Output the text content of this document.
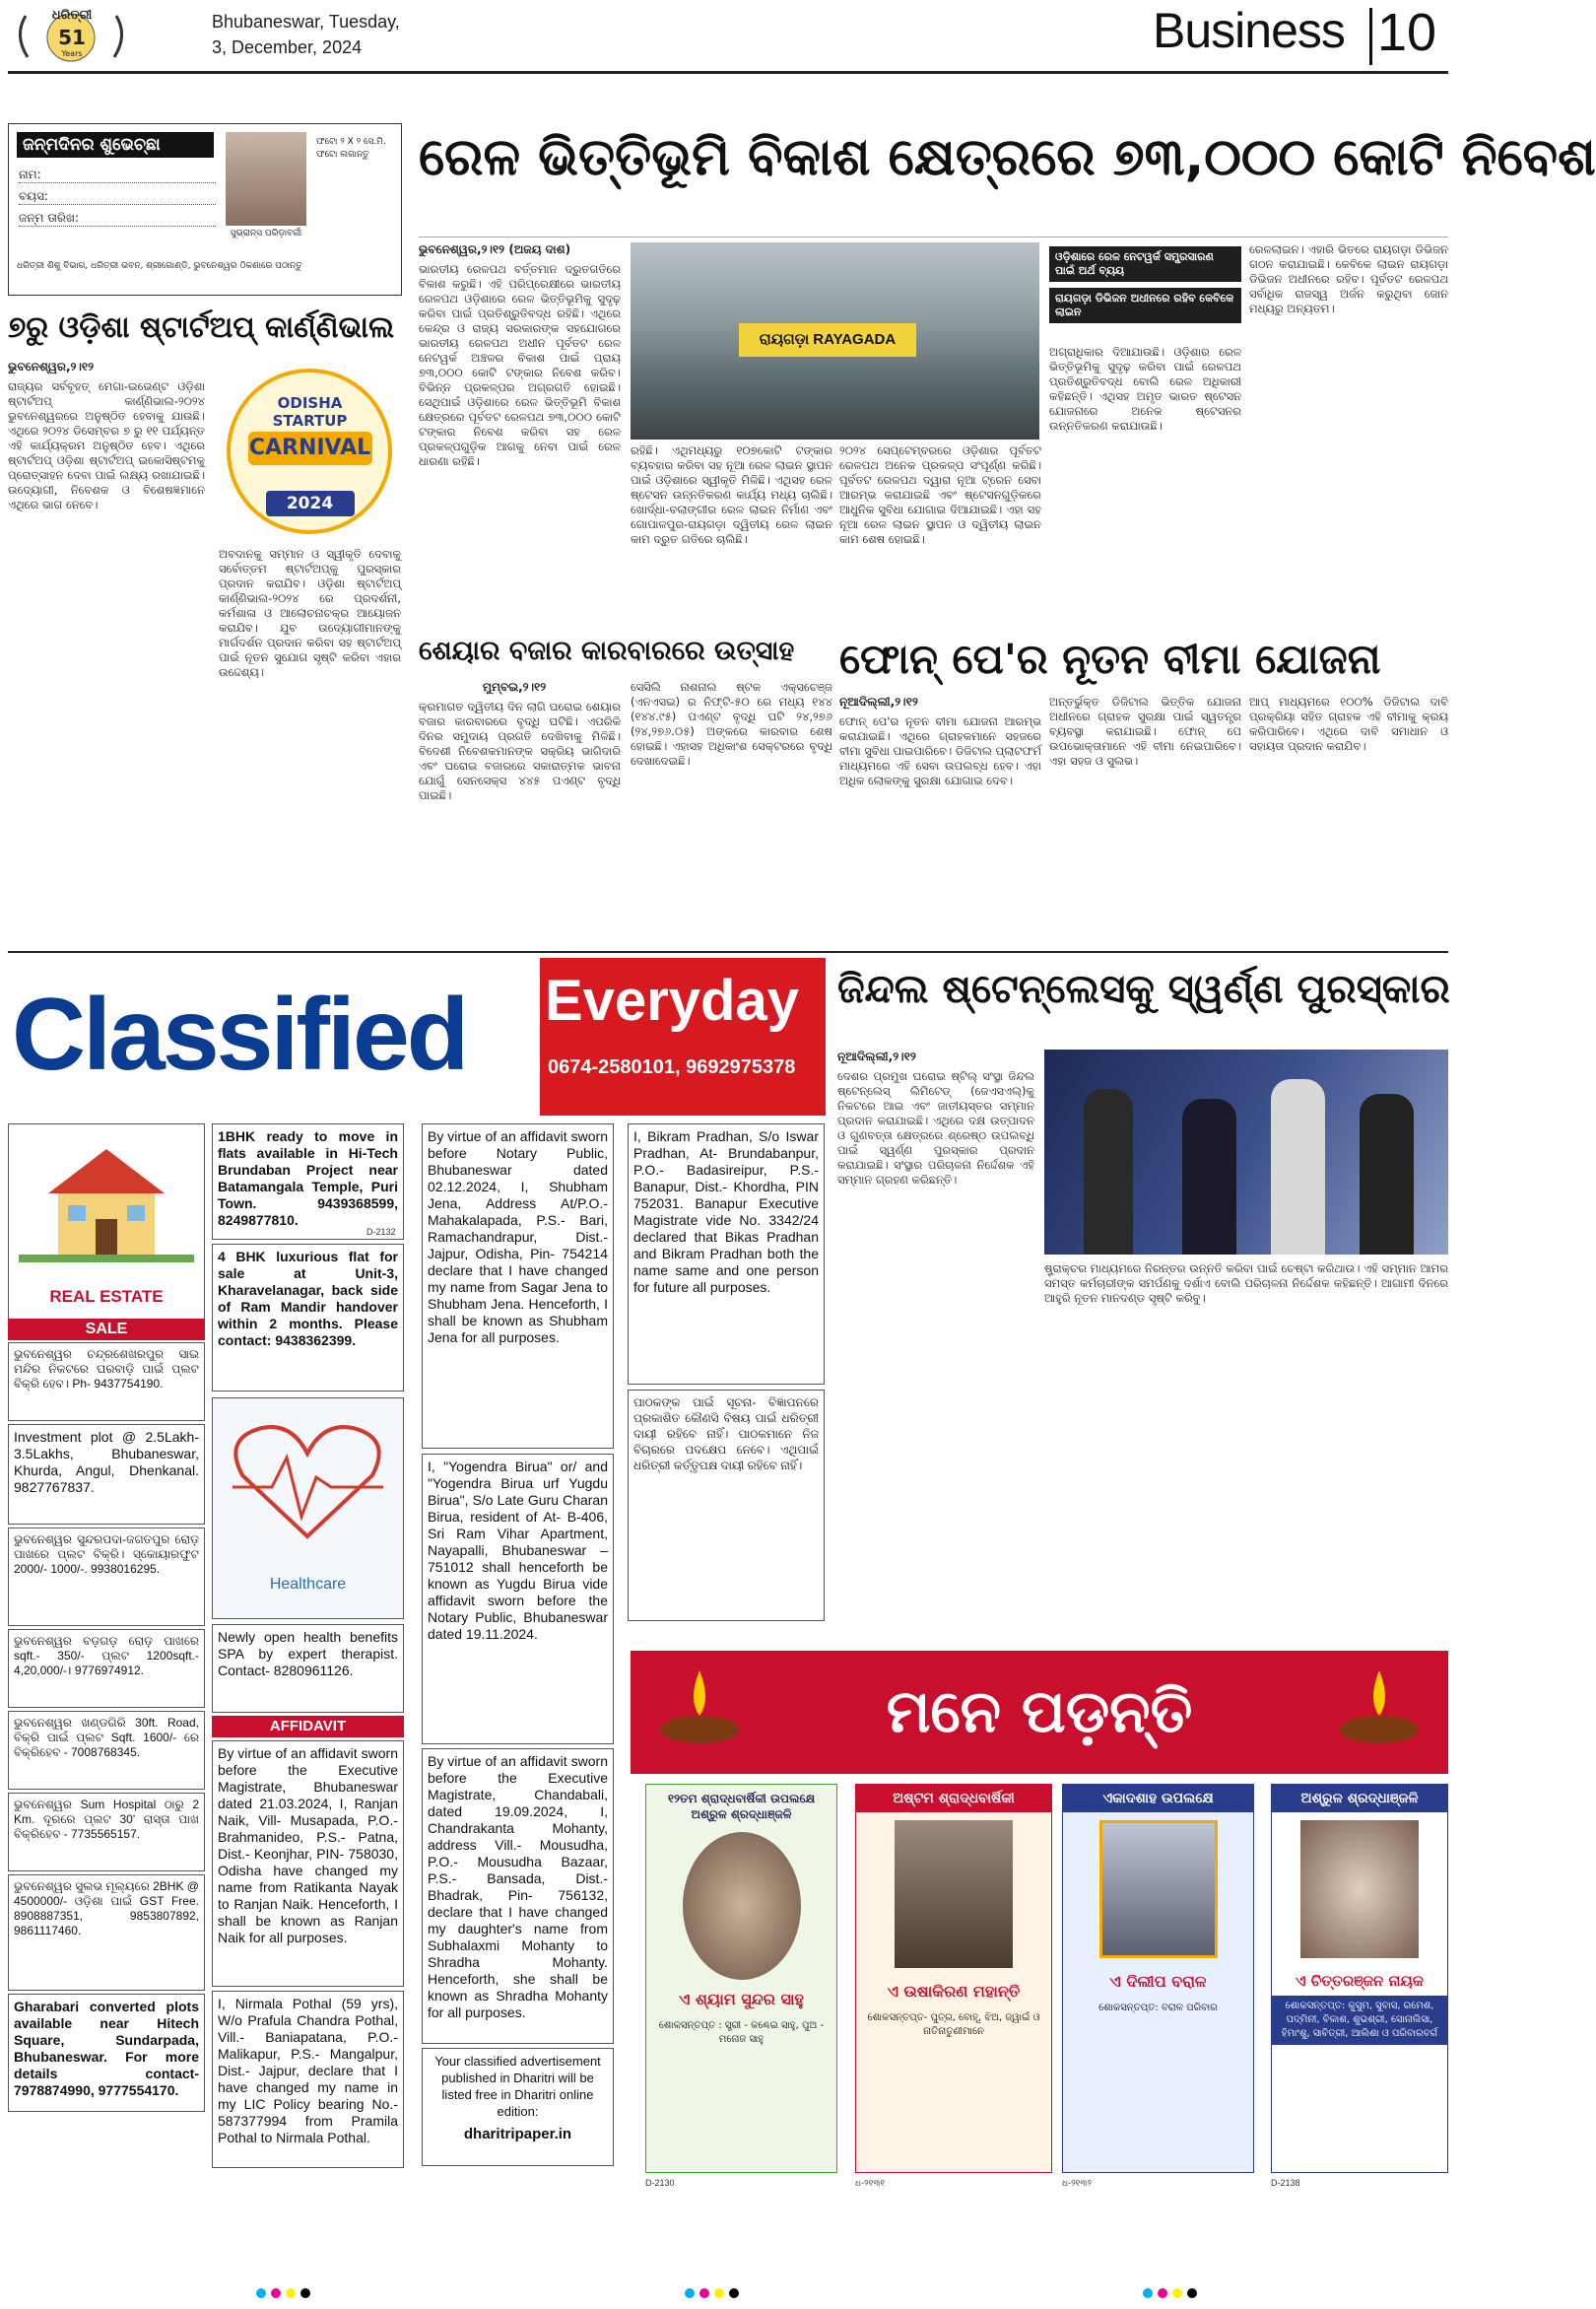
ଧରିତ୍ରୀ
51
Years
Bhubaneswar, Tuesday,
3, December, 2024	Business 10
ଜନ୍ମଦିନର ଶୁଭେଚ୍ଛା
ନାମ:
ବୟସ:
ଜନ୍ମ ତାରିଖ:
ସୁଭ୍ରାନ୍ସ ପରିଡ଼ାବର୍ଗୀ
ଫଟୋ ୨ X ୨ ସେ.ମି. ଫଟୋ ଲଗାନ୍ତୁ
ଧରିତ୍ରୀ ଶିଶୁ ବିଭାଗ, ଧରିତ୍ରୀ ଭବନ, ଶ୍ରୀଗୋଣ୍ଡି, ଭୁବନେଶ୍ୱର ଠିକଣାରେ ପଠାନ୍ତୁ
ରେଳ ଭିତ୍ତିଭୂମି ବିକାଶ କ୍ଷେତ୍ରରେ ୭୩,୦୦୦ କୋଟି ନିବେଶ
ଭୁବନେଶ୍ୱର,୨।୧୨ (ଅଜୟ ଦାଶ)
ଭାରତୀୟ ରେଳପଥ ବର୍ତ୍ତମାନ ଦ୍ରୁତଗତିରେ ବିକାଶ କରୁଛି। ଏହି ପରିପ୍ରେକ୍ଷୀରେ ଭାରତୀୟ ରେଳପଥ ଓଡ଼ିଶାରେ ରେଳ ଭିତ୍ତିଭୂମିକୁ ସୁଦୃଢ଼ କରିବା ପାଇଁ ପ୍ରତିଶ୍ରୁତିବଦ୍ଧ ରହିଛି। ଏଥିରେ କେନ୍ଦ୍ର ଓ ରାଜ୍ୟ ସରକାରଙ୍କ ସହଯୋଗରେ ଭାରତୀୟ ରେଳପଥ ଅଧୀନ ପୂର୍ବତଟ ରେଳ ନେଟୱର୍କ ଅଞ୍ଚଳର ବିକାଶ ପାଇଁ ପ୍ରାୟ ୭୩,୦୦୦ କୋଟି ଟଙ୍କାର ନିବେଶ କରିବ। ବିଭିନ୍ନ ପ୍ରକଳ୍ପର ଅଗ୍ରଗତି ହୋଇଛି। ସେଥିପାଇଁ ଓଡ଼ିଶାରେ ରେଳ ଭିତ୍ତିଭୂମି ବିକାଶ କ୍ଷେତ୍ରରେ ପୂର୍ବତଟ ରେଳପଥ ୭୩,୦୦୦ କୋଟି ଟଙ୍କାର ନିବେଶ କରିବା ସହ ରେଳ ପ୍ରକଳ୍ପଗୁଡ଼ିକ ଆଗକୁ ନେବା ପାଇଁ ରେଳ ଧାରଣା ରହିଛି।
ରାୟଗଡ଼ା RAYAGADA
ରହିଛି। ଏଥିମଧ୍ୟରୁ ୧୦୭କୋଟି ଟଙ୍କାର ବ୍ୟବହାର କରିବା ସହ ନୂଆ ରେଳ ଲାଇନ ସ୍ଥାପନ ପାଇଁ ଓଡ଼ିଶାରେ ସ୍ୱୀକୃତି ମିଳିଛି। ଏଥିସହ ରେଳ ଷ୍ଟେସନ ଉନ୍ନତିକରଣ କାର୍ଯ୍ୟ ମଧ୍ୟ ଚାଲିଛି। ଖୋର୍ଦ୍ଧା-ବଲାଙ୍ଗୀର ରେଳ ଲାଇନ ନିର୍ମାଣ ଏବଂ ଗୋପାଳପୁର-ରାୟଗଡ଼ା ଦ୍ୱିତୀୟ ରେଳ ଲାଇନ କାମ ଦ୍ରୁତ ଗତିରେ ଚାଲିଛି।
୨୦୨୪ ସେପ୍ଟେମ୍ବରରେ ଓଡ଼ିଶାର ପୂର୍ବତଟ ରେଳପଥ ଅନେକ ପ୍ରକଳ୍ପ ସଂପୂର୍ଣ୍ଣ କରିଛି। ପୂର୍ବତଟ ରେଳପଥ ଦ୍ୱାରା ନୂଆ ଟ୍ରେନ ସେବା ଆରମ୍ଭ କରାଯାଇଛି ଏବଂ ଷ୍ଟେସନଗୁଡ଼ିକରେ ଆଧୁନିକ ସୁବିଧା ଯୋଗାଇ ଦିଆଯାଇଛି। ଏହା ସହ ନୂଆ ରେଳ ଲାଇନ ସ୍ଥାପନ ଓ ଦ୍ୱିତୀୟ ଲାଇନ କାମ ଶେଷ ହୋଇଛି।
ଓଡ଼ିଶାରେ ରେଳ ନେଟୱର୍କ ସମ୍ପ୍ରସାରଣ ପାଇଁ ଅର୍ଥ ବ୍ୟୟ
ରାୟଗଡ଼ା ଡିଭିଜନ ଅଧୀନରେ ରହିବ କେବିକେ ଲାଇନ
ଅଗ୍ରାଧିକାର ଦିଆଯାଉଛି। ଓଡ଼ିଶାର ରେଳ ଭିତ୍ତିଭୂମିକୁ ସୁଦୃଢ଼ କରିବା ପାଇଁ ରେଳପଥ ପ୍ରତିଶ୍ରୁତିବଦ୍ଧ ବୋଲି ରେଳ ଅଧିକାରୀ କହିଛନ୍ତି। ଏଥିସହ ଅମୃତ ଭାରତ ଷ୍ଟେସନ ଯୋଜନାରେ ଅନେକ ଷ୍ଟେସନର ଉନ୍ନତିକରଣ କରାଯାଉଛି।
ରେଳଲାଇନ। ଏହାରି ଭିତରେ ରାୟଗଡ଼ା ଡିଭିଜନ ଗଠନ କରାଯାଇଛି। କେବିକେ ଲାଇନ ରାୟଗଡ଼ା ଡିଭିଜନ ଅଧୀନରେ ରହିବ। ପୂର୍ବତଟ ରେଳପଥ ସର୍ବାଧିକ ରାଜସ୍ୱ ଅର୍ଜନ କରୁଥିବା ଜୋନ ମଧ୍ୟରୁ ଅନ୍ୟତମ।
୭ରୁ ଓଡ଼ିଶା ଷ୍ଟାର୍ଟଅପ୍ କାର୍ଣ୍ଣିଭାଲ
ଭୁବନେଶ୍ୱର,୨।୧୨
ରାଜ୍ୟର ସର୍ବବୃହତ୍ ମେଗା-ଇଭେଣ୍ଟ ଓଡ଼ିଶା ଷ୍ଟାର୍ଟଅପ୍ କାର୍ଣ୍ଣିଭାଲ-୨୦୨୪ ଭୁବନେଶ୍ୱରରେ ଅନୁଷ୍ଠିତ ହେବାକୁ ଯାଉଛି। ଏଥିରେ ୨୦୨୪ ଡିସେମ୍ବର ୭ ରୁ ୧୧ ପର୍ଯ୍ୟନ୍ତ ଏହି କାର୍ଯ୍ୟକ୍ରମ ଅନୁଷ୍ଠିତ ହେବ। ଏଥିରେ ଷ୍ଟାର୍ଟଅପ୍ ଓଡ଼ିଶା ଷ୍ଟାର୍ଟଅପ୍ ଇକୋସିଷ୍ଟମକୁ ପ୍ରୋତ୍ସାହନ ଦେବା ପାଇଁ ଲକ୍ଷ୍ୟ ରଖାଯାଇଛି। ଉଦ୍ୟୋଗୀ, ନିବେଶକ ଓ ବିଶେଷଜ୍ଞମାନେ ଏଥିରେ ଭାଗ ନେବେ।
ODISHA
STARTUP
CARNIVAL
2024
ଅବଦାନକୁ ସମ୍ମାନ ଓ ସ୍ୱୀକୃତି ଦେବାକୁ ସର୍ବୋତ୍ତମ ଷ୍ଟାର୍ଟଅପ୍‌କୁ ପୁରସ୍କାର ପ୍ରଦାନ କରାଯିବ। ଓଡ଼ିଶା ଷ୍ଟାର୍ଟଅପ୍ କାର୍ଣ୍ଣିଭାଲ-୨୦୨୪ ରେ ପ୍ରଦର୍ଶନୀ, କର୍ମଶାଳା ଓ ଆଲୋଚନାଚକ୍ର ଆୟୋଜନ କରାଯିବ। ଯୁବ ଉଦ୍ୟୋଗୀମାନଙ୍କୁ ମାର୍ଗଦର୍ଶନ ପ୍ରଦାନ କରିବା ସହ ଷ୍ଟାର୍ଟଅପ୍ ପାଇଁ ନୂତନ ସୁଯୋଗ ସୃଷ୍ଟି କରିବା ଏହାର ଉଦ୍ଦେଶ୍ୟ।
ଶେୟାର ବଜାର କାରବାରରେ ଉତ୍ସାହ
ମୁମ୍ବଇ,୨।୧୨
କ୍ରମାଗତ ଦ୍ୱିତୀୟ ଦିନ ଲାଗି ଘରୋଇ ଶେୟାର ବଜାର କାରବାରରେ ବୃଦ୍ଧି ଘଟିଛି। ଏପରିକି ଦିନର ସମୁଦାୟ ପ୍ରଗତି ଦେଖିବାକୁ ମିଳିଛି। ବିଦେଶୀ ନିବେଶକମାନଙ୍କ ସକ୍ରିୟ ଭାଗିଦାରି ଏବଂ ଘରୋଇ ବଜାରରେ ସକାରାତ୍ମକ ଭାବନା ଯୋଗୁଁ ସେନସେକ୍ସ ୪୪୫ ପଏଣ୍ଟ ବୃଦ୍ଧି ପାଇଛି।
ସେସିଲି ନାଶନାଲ ଷ୍ଟକ ଏକ୍ସଚେଞ୍ଜ (ଏନଏସଇ) ର ନିଫ୍ଟି-୫୦ ରେ ମଧ୍ୟ ୧୪୪ (୧୪୪.୯୫) ପଏଣ୍ଟ ବୃଦ୍ଧି ଘଟି ୨୪,୨୭୬ (୨୪,୨୭୬.୦୫) ଅଙ୍କରେ କାରବାର ଶେଷ ହୋଇଛି। ଏହାସହ ଅଧିକାଂଶ ସେକ୍ଟରରେ ବୃଦ୍ଧି ଦେଖାଦେଇଛି।
ଫୋନ୍ ପେ'ର ନୂତନ ବୀମା ଯୋଜନା
ନୂଆଦିଲ୍ଲୀ,୨।୧୨
ଫୋନ୍ ପେ'ର ନୂତନ ବୀମା ଯୋଜନା ଆରମ୍ଭ କରାଯାଇଛି। ଏଥିରେ ଗ୍ରାହକମାନେ ସହଜରେ ବୀମା ସୁବିଧା ପାଇପାରିବେ। ଡିଜିଟାଲ ପ୍ଲାଟଫର୍ମ ମାଧ୍ୟମରେ ଏହି ସେବା ଉପଲବ୍ଧ ହେବ। ଏହା ଅଧିକ ଲୋକଙ୍କୁ ସୁରକ୍ଷା ଯୋଗାଇ ଦେବ।
ଅନ୍ତର୍ଭୁକ୍ତ ଡିଜିଟାଲ ଭିତ୍ତିକ ଯୋଜନା ଅଧୀନରେ ଗ୍ରାହକ ସୁରକ୍ଷା ପାଇଁ ସ୍ୱତନ୍ତ୍ର ବ୍ୟବସ୍ଥା କରାଯାଇଛି। ଫୋନ୍ ପେ ଉପଭୋକ୍ତାମାନେ ଏହି ବୀମା ନେଇପାରିବେ। ଏହା ସହଜ ଓ ସୁଲଭ।
ଆପ୍ ମାଧ୍ୟମରେ ୧୦୦% ଡିଜିଟାଲ ଦାବି ପ୍ରକ୍ରିୟା ସହିତ ଗ୍ରାହକ ଏହି ବୀମାକୁ କ୍ରୟ କରିପାରିବେ। ଏଥିରେ ଦାବି ସମାଧାନ ଓ ସହାୟତା ପ୍ରଦାନ କରାଯିବ।
Classified Everyday
0674-2580101, 9692975378
ଜିନ୍ଦଲ ଷ୍ଟେନ୍‌ଲେସକୁ ସ୍ୱର୍ଣ୍ଣ ପୁରସ୍କାର
ନୂଆଦିଲ୍ଲୀ,୨।୧୨
ଦେଶର ପ୍ରମୁଖ ଘରୋଇ ଷ୍ଟିଲ୍ ସଂସ୍ଥା ଜିନ୍ଦଲ ଷ୍ଟେନ୍‌ଲେସ୍ ଲିମିଟେଡ୍ (ଜେଏସଏଲ୍)କୁ ନିକଟରେ ଆଇ ଏବଂ ଜାତୀୟସ୍ତର ସମ୍ମାନ ପ୍ରଦାନ କରାଯାଇଛି। ଏଥିରେ ଦକ୍ଷ ଉତ୍ପାଦନ ଓ ଗୁଣବତ୍ତା କ୍ଷେତ୍ରରେ ଶ୍ରେଷ୍ଠ ଉପଲବ୍ଧି ପାଇଁ ସ୍ୱର୍ଣ୍ଣ ପୁରସ୍କାର ପ୍ରଦାନ କରାଯାଇଛି। ସଂସ୍ଥାର ପରିଚାଳନା ନିର୍ଦ୍ଦେଶକ ଏହି ସମ୍ମାନ ଗ୍ରହଣ କରିଛନ୍ତି।
ଷ୍ଟ୍ରାକ୍ଚର ମାଧ୍ୟମରେ ନିରନ୍ତର ଉନ୍ନତି କରିବା ପାଇଁ ଚେଷ୍ଟା କରିଥାଉ। ଏହି ସମ୍ମାନ ଆମର ସମସ୍ତ କର୍ମଚାରୀଙ୍କ ସମର୍ପଣକୁ ଦର୍ଶାଏ ବୋଲି ପରିଚାଳନା ନିର୍ଦ୍ଦେଶକ କହିଛନ୍ତି। ଆଗାମୀ ଦିନରେ ଆହୁରି ନୂତନ ମାନଦଣ୍ଡ ସୃଷ୍ଟି କରିବୁ।
REAL ESTATE
SALE
ଭୁବନେଶ୍ୱର ଚନ୍ଦ୍ରଶେଖରପୁର ସାଇ ମନ୍ଦିର ନିକଟରେ ଘରବାଡ଼ି ପାଇଁ ପ୍ଲଟ ବିକ୍ରି ହେବ। Ph- 9437754190.
Investment plot @ 2.5Lakh- 3.5Lakhs, Bhubaneswar, Khurda, Angul, Dhenkanal. 9827767837.
ଭୁବନେଶ୍ୱର ସୁନ୍ଦରପଦା-ଜଗତପୁର ରୋଡ଼ ପାଖରେ ପ୍ଲଟ ବିକ୍ରି। ସ୍କୋୟାରଫୁଟ 2000/- 1000/-. 9938016295.
ଭୁବନେଶ୍ୱର ବଡ଼ଗଡ଼ ରୋଡ଼ ପାଖରେ sqft.- 350/- ପ୍ଲଟ 1200sqft.- 4,20,000/-। 9776974912.
ଭୁବନେଶ୍ୱର ଖଣ୍ଡଗିରି 30ft. Road, ବିକ୍ରି ପାଇଁ ପ୍ଲଟ Sqft. 1600/- ରେ ବିକ୍ରିହେବ - 7008768345.
ଭୁବନେଶ୍ୱର Sum Hospital ଠାରୁ 2 Km. ଦୂରରେ ପ୍ଲଟ 30' ରାସ୍ତା ପାଖ ବିକ୍ରିହେବ - 7735565157.
ଭୁବନେଶ୍ୱର ସୁଲଭ ମୂଲ୍ୟରେ 2BHK @ 4500000/- ଓଡ଼ିଶା ପାଇଁ GST Free. 8908887351, 9853807892, 9861117460.
Gharabari converted plots available near Hitech Square, Sundarpada, Bhubaneswar. For more details contact- 7978874990, 9777554170.
1BHK ready to move in flats available in Hi-Tech Brundaban Project near Batamangala Temple, Puri Town. 9439368599, 8249877810.
D-2132
4 BHK luxurious flat for sale at Unit-3, Kharavelanagar, back side of Ram Mandir handover within 2 months. Please contact: 9438362399.
Healthcare
Newly open health benefits SPA by expert therapist. Contact- 8280961126.
AFFIDAVIT
By virtue of an affidavit sworn before the Executive Magistrate, Bhubaneswar dated 21.03.2024, I, Ranjan Naik, Vill- Musapada, P.O.- Brahmanideo, P.S.- Patna, Dist.- Keonjhar, PIN- 758030, Odisha have changed my name from Ratikanta Nayak to Ranjan Naik. Henceforth, I shall be known as Ranjan Naik for all purposes.
I, Nirmala Pothal (59 yrs), W/o Prafula Chandra Pothal, Vill.- Baniapatana, P.O.- Malikapur, P.S.- Mangalpur, Dist.- Jajpur, declare that I have changed my name in my LIC Policy bearing No.- 587377994 from Pramila Pothal to Nirmala Pothal.
By virtue of an affidavit sworn before Notary Public, Bhubaneswar dated 02.12.2024, I, Shubham Jena, Address At/P.O.- Mahakalapada, P.S.- Bari, Ramachandrapur, Dist.- Jajpur, Odisha, Pin- 754214 declare that I have changed my name from Sagar Jena to Shubham Jena. Henceforth, I shall be known as Shubham Jena for all purposes.
I, "Yogendra Birua" or/ and "Yogendra Birua urf Yugdu Birua", S/o Late Guru Charan Birua, resident of At- B-406, Sri Ram Vihar Apartment, Nayapalli, Bhubaneswar – 751012 shall henceforth be known as Yugdu Birua vide affidavit sworn before the Notary Public, Bhubaneswar dated 19.11.2024.
By virtue of an affidavit sworn before the Executive Magistrate, Chandabali, dated 19.09.2024, I, Chandrakanta Mohanty, address Vill.- Mousudha, P.O.- Mousudha Bazaar, P.S.- Bansada, Dist.- Bhadrak, Pin- 756132, declare that I have changed my daughter's name from Subhalaxmi Mohanty to Shradha Mohanty. Henceforth, she shall be known as Shradha Mohanty for all purposes.
Your classified advertisement published in Dharitri will be listed free in Dharitri online edition:
dharitripaper.in
I, Bikram Pradhan, S/o Iswar Pradhan, At- Brundabanpur, P.O.- Badasireipur, P.S.- Banapur, Dist.- Khordha, PIN 752031. Banapur Executive Magistrate vide No. 3342/24 declared that Bikas Pradhan and Bikram Pradhan both the name same and one person for future all purposes.
ପାଠକଙ୍କ ପାଇଁ ସୂଚନା- ବିଜ୍ଞାପନରେ ପ୍ରକାଶିତ କୌଣସି ବିଷୟ ପାଇଁ ଧରିତ୍ରୀ ଦାୟୀ ରହିବେ ନାହିଁ। ପାଠକମାନେ ନିଜ ବିଚାରରେ ପଦକ୍ଷେପ ନେବେ। ଏଥିପାଇଁ ଧରିତ୍ରୀ କର୍ତ୍ତୃପକ୍ଷ ଦାୟୀ ରହିବେ ନାହିଁ।
ମନେ ପଡ଼ନ୍ତି
୧୨ତମ ଶ୍ରାଦ୍ଧବାର୍ଷିକୀ ଉପଲକ୍ଷେ ଅଶ୍ରୁଳ ଶ୍ରଦ୍ଧାଞ୍ଜଳି
ଏ ଶ୍ୟାମ ସୁନ୍ଦର ସାହୁ
ଶୋକସନ୍ତପ୍ତ : ସ୍ତ୍ରୀ - କଣ୍ଢେଇ ସାହୁ, ପୁଅ - ମନୋଜ ସାହୁ
D-2130
ଅଷ୍ଟମ ଶ୍ରାଦ୍ଧବାର୍ଷିକୀ
ଏ ଉଷାକିରଣ ମହାନ୍ତି
ଶୋକସନ୍ତପ୍ତ- ପୁତ୍ର, ବୋହୂ, ଝିଅ, ଜ୍ୱାଇଁ ଓ ନାତିନାତୁଣୀମାନେ
ଧ-୨୧୩୧
ଏକାଦଶାହ ଉପଲକ୍ଷେ
ଏ ଦିଲୀପ ବରାଳ
ଶୋକସନ୍ତପ୍ତ: ବରାଳ ପରିବାର
ଧ-୨୧୩୨
ଅଶ୍ରୁଳ ଶ୍ରଦ୍ଧାଞ୍ଜଳି
ଏ ଚିତ୍ତରଞ୍ଜନ ନାୟକ
ଶୋକସନ୍ତପ୍ତ: କୁସୁମ, ସୁବାସ, ରମେଶ, ପଦ୍ମିନୀ, ବିକାଶ, ଶୁଭଶ୍ରୀ, ସୋନାଲିସା, ହିମାଂଶୁ, ସାବିତ୍ରୀ, ଆଲିଶା ଓ ପରିବାରବର୍ଗ
D-2138
